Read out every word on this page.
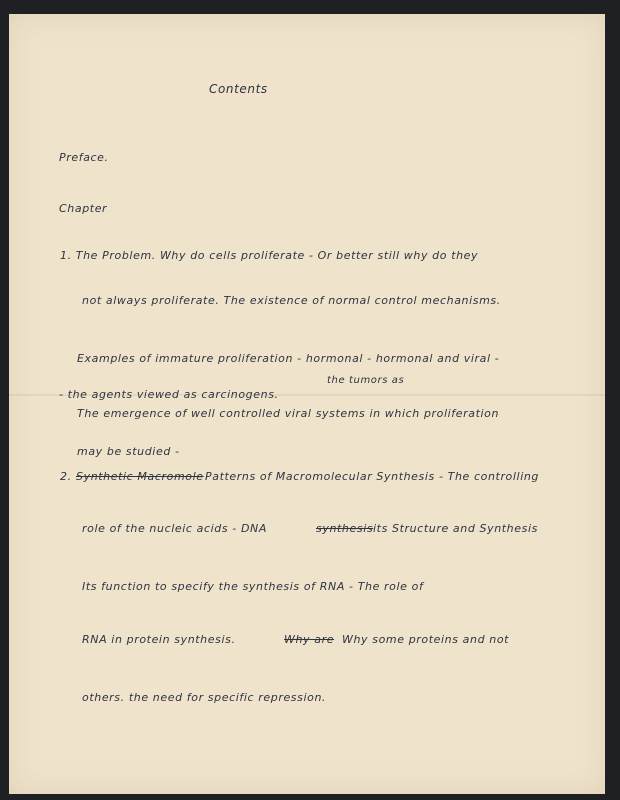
Contents
Preface.
Chapter
1. The Problem. Why do cells proliferate - Or better still why do they
not always proliferate. The existence of normal control mechanisms.
Examples of immature proliferation - hormonal - hormonal and viral -
the tumors as
- the agents viewed as carcinogens.
The emergence of well controlled viral systems in which proliferation
may be studied -
2. Synthetic Macromole Patterns of Macromolecular Synthesis - The controlling
role of the nucleic acids - DNA	synthesis its Structure and Synthesis
Its function to specify the synthesis of RNA - The role of
RNA in protein synthesis.	Why are Why some proteins and not
others. the need for specific repression.
